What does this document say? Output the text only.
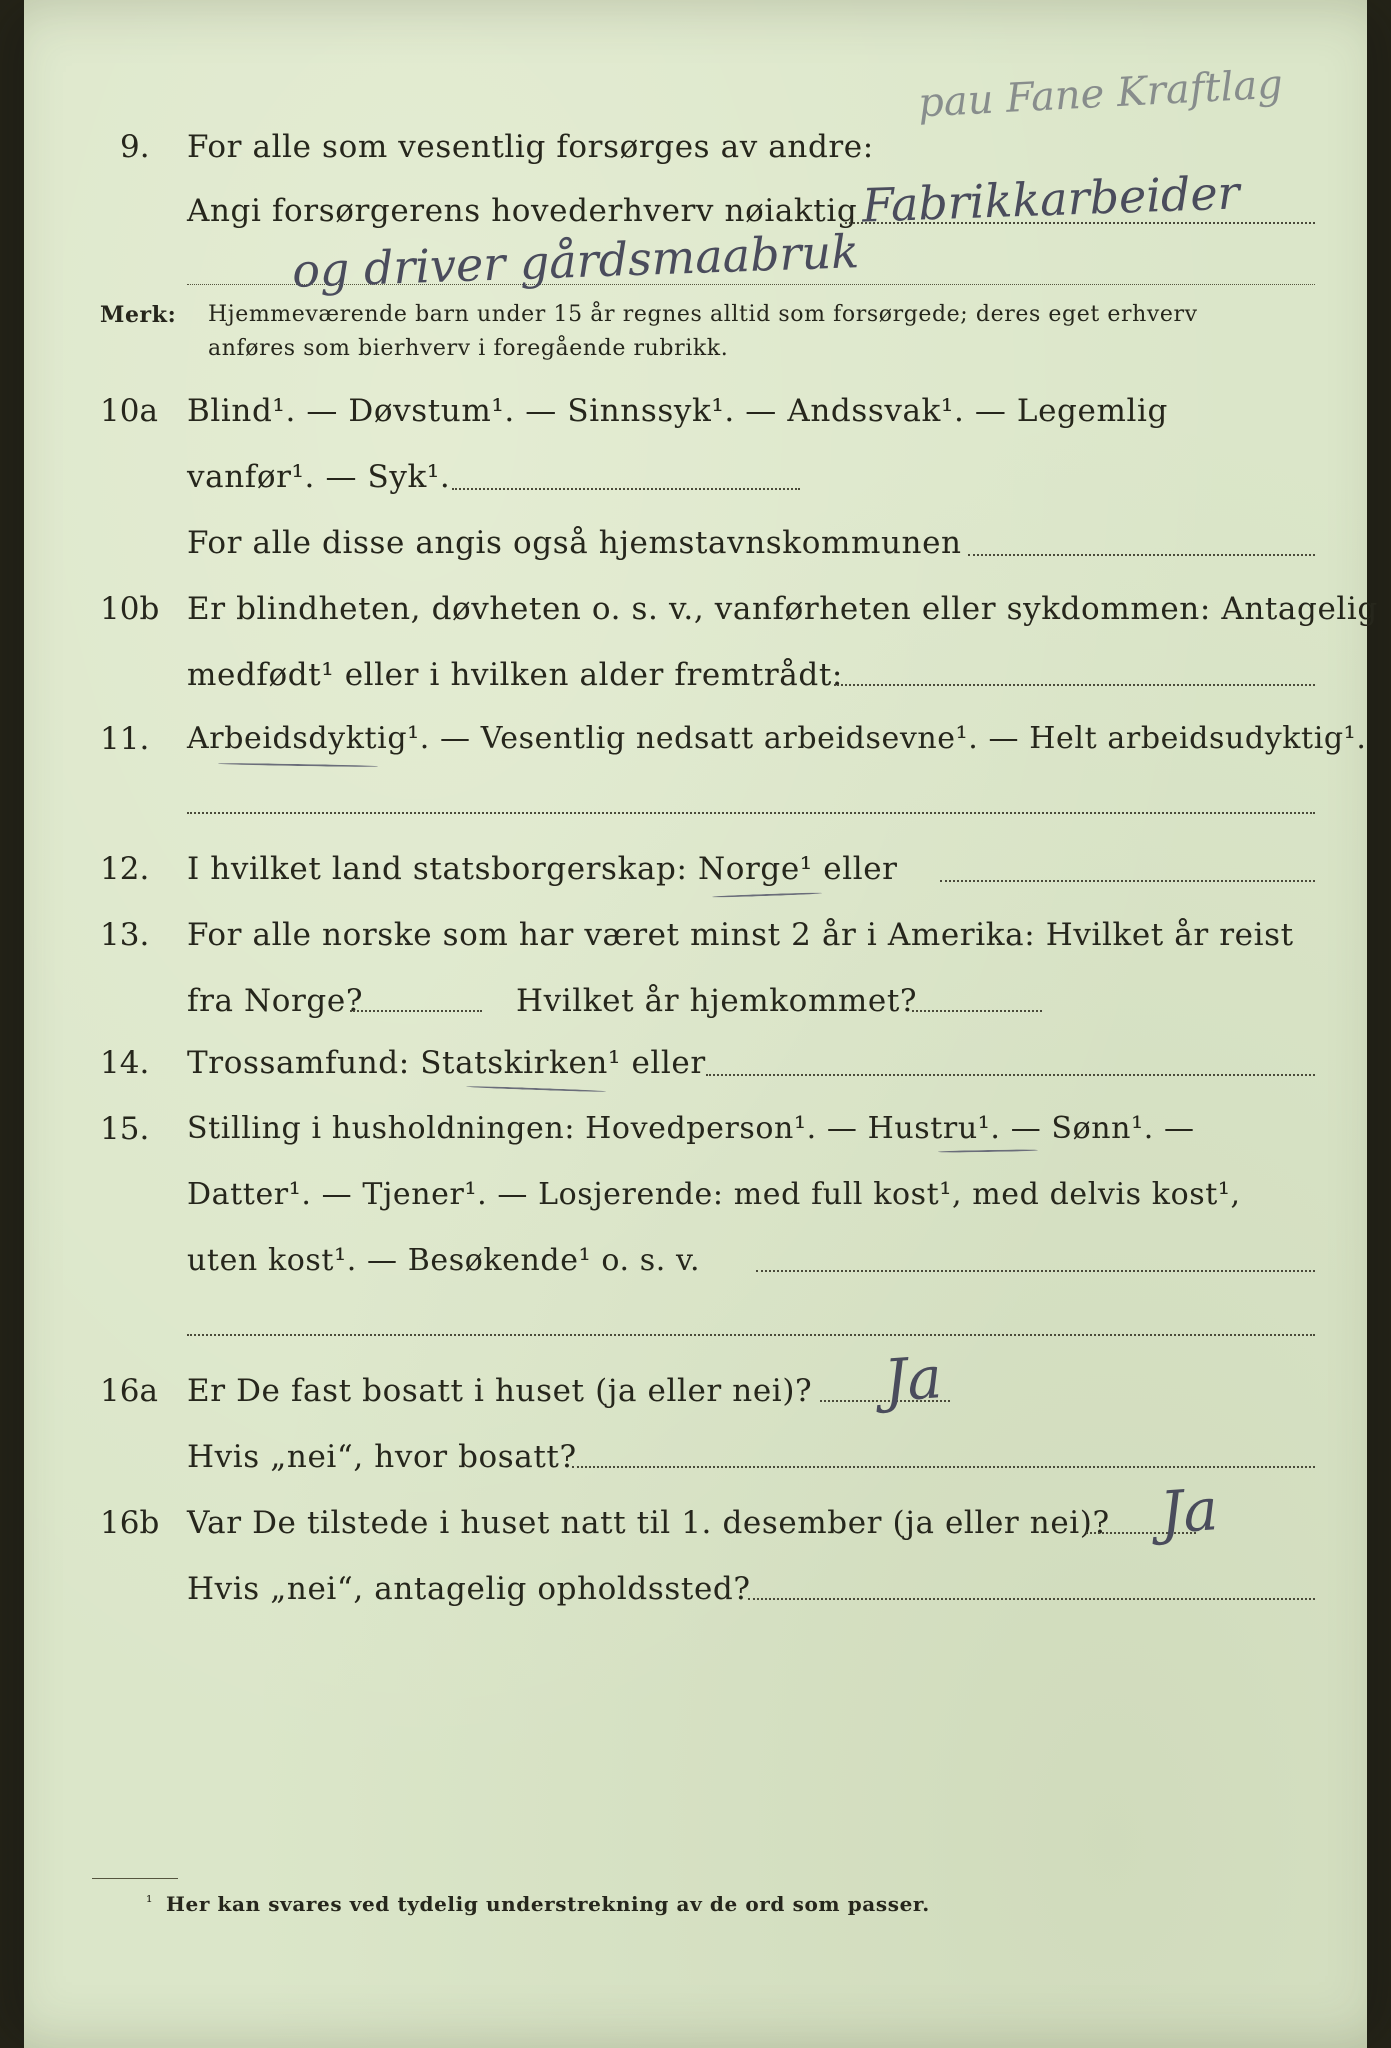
pau Fane Kraftlag
9. For alle som vesentlig forsørges av andre:
Angi forsørgerens hovederhverv nøiaktig Fabrikkarbeider
og driver gårdsmaabruk
Merk: Hjemmeværende barn under 15 år regnes alltid som forsørgede; deres eget erhverv
anføres som bierhverv i foregående rubrikk.
10a Blind¹. — Døvstum¹. — Sinnssyk¹. — Andssvak¹. — Legemlig
vanfør¹. — Syk¹.
For alle disse angis også hjemstavnskommunen
10b Er blindheten, døvheten o. s. v., vanførheten eller sykdommen: Antagelig
medfødt¹ eller i hvilken alder fremtrådt:
11. Arbeidsdyktig¹. — Vesentlig nedsatt arbeidsevne¹. — Helt arbeidsudyktig¹.
12. I hvilket land statsborgerskap: Norge¹ eller
13. For alle norske som har været minst 2 år i Amerika: Hvilket år reist
fra Norge?	Hvilket år hjemkommet?
14. Trossamfund: Statskirken¹ eller
15. Stilling i husholdningen: Hovedperson¹. — Hustru¹. — Sønn¹. —
Datter¹. — Tjener¹. — Losjerende: med full kost¹, med delvis kost¹,
uten kost¹. — Besøkende¹ o. s. v.
16a Er De fast bosatt i huset (ja eller nei)? Ja
Hvis „nei“, hvor bosatt?
16b Var De tilstede i huset natt til 1. desember (ja eller nei)? Ja
Hvis „nei“, antagelig opholdssted?
¹ Her kan svares ved tydelig understrekning av de ord som passer.
